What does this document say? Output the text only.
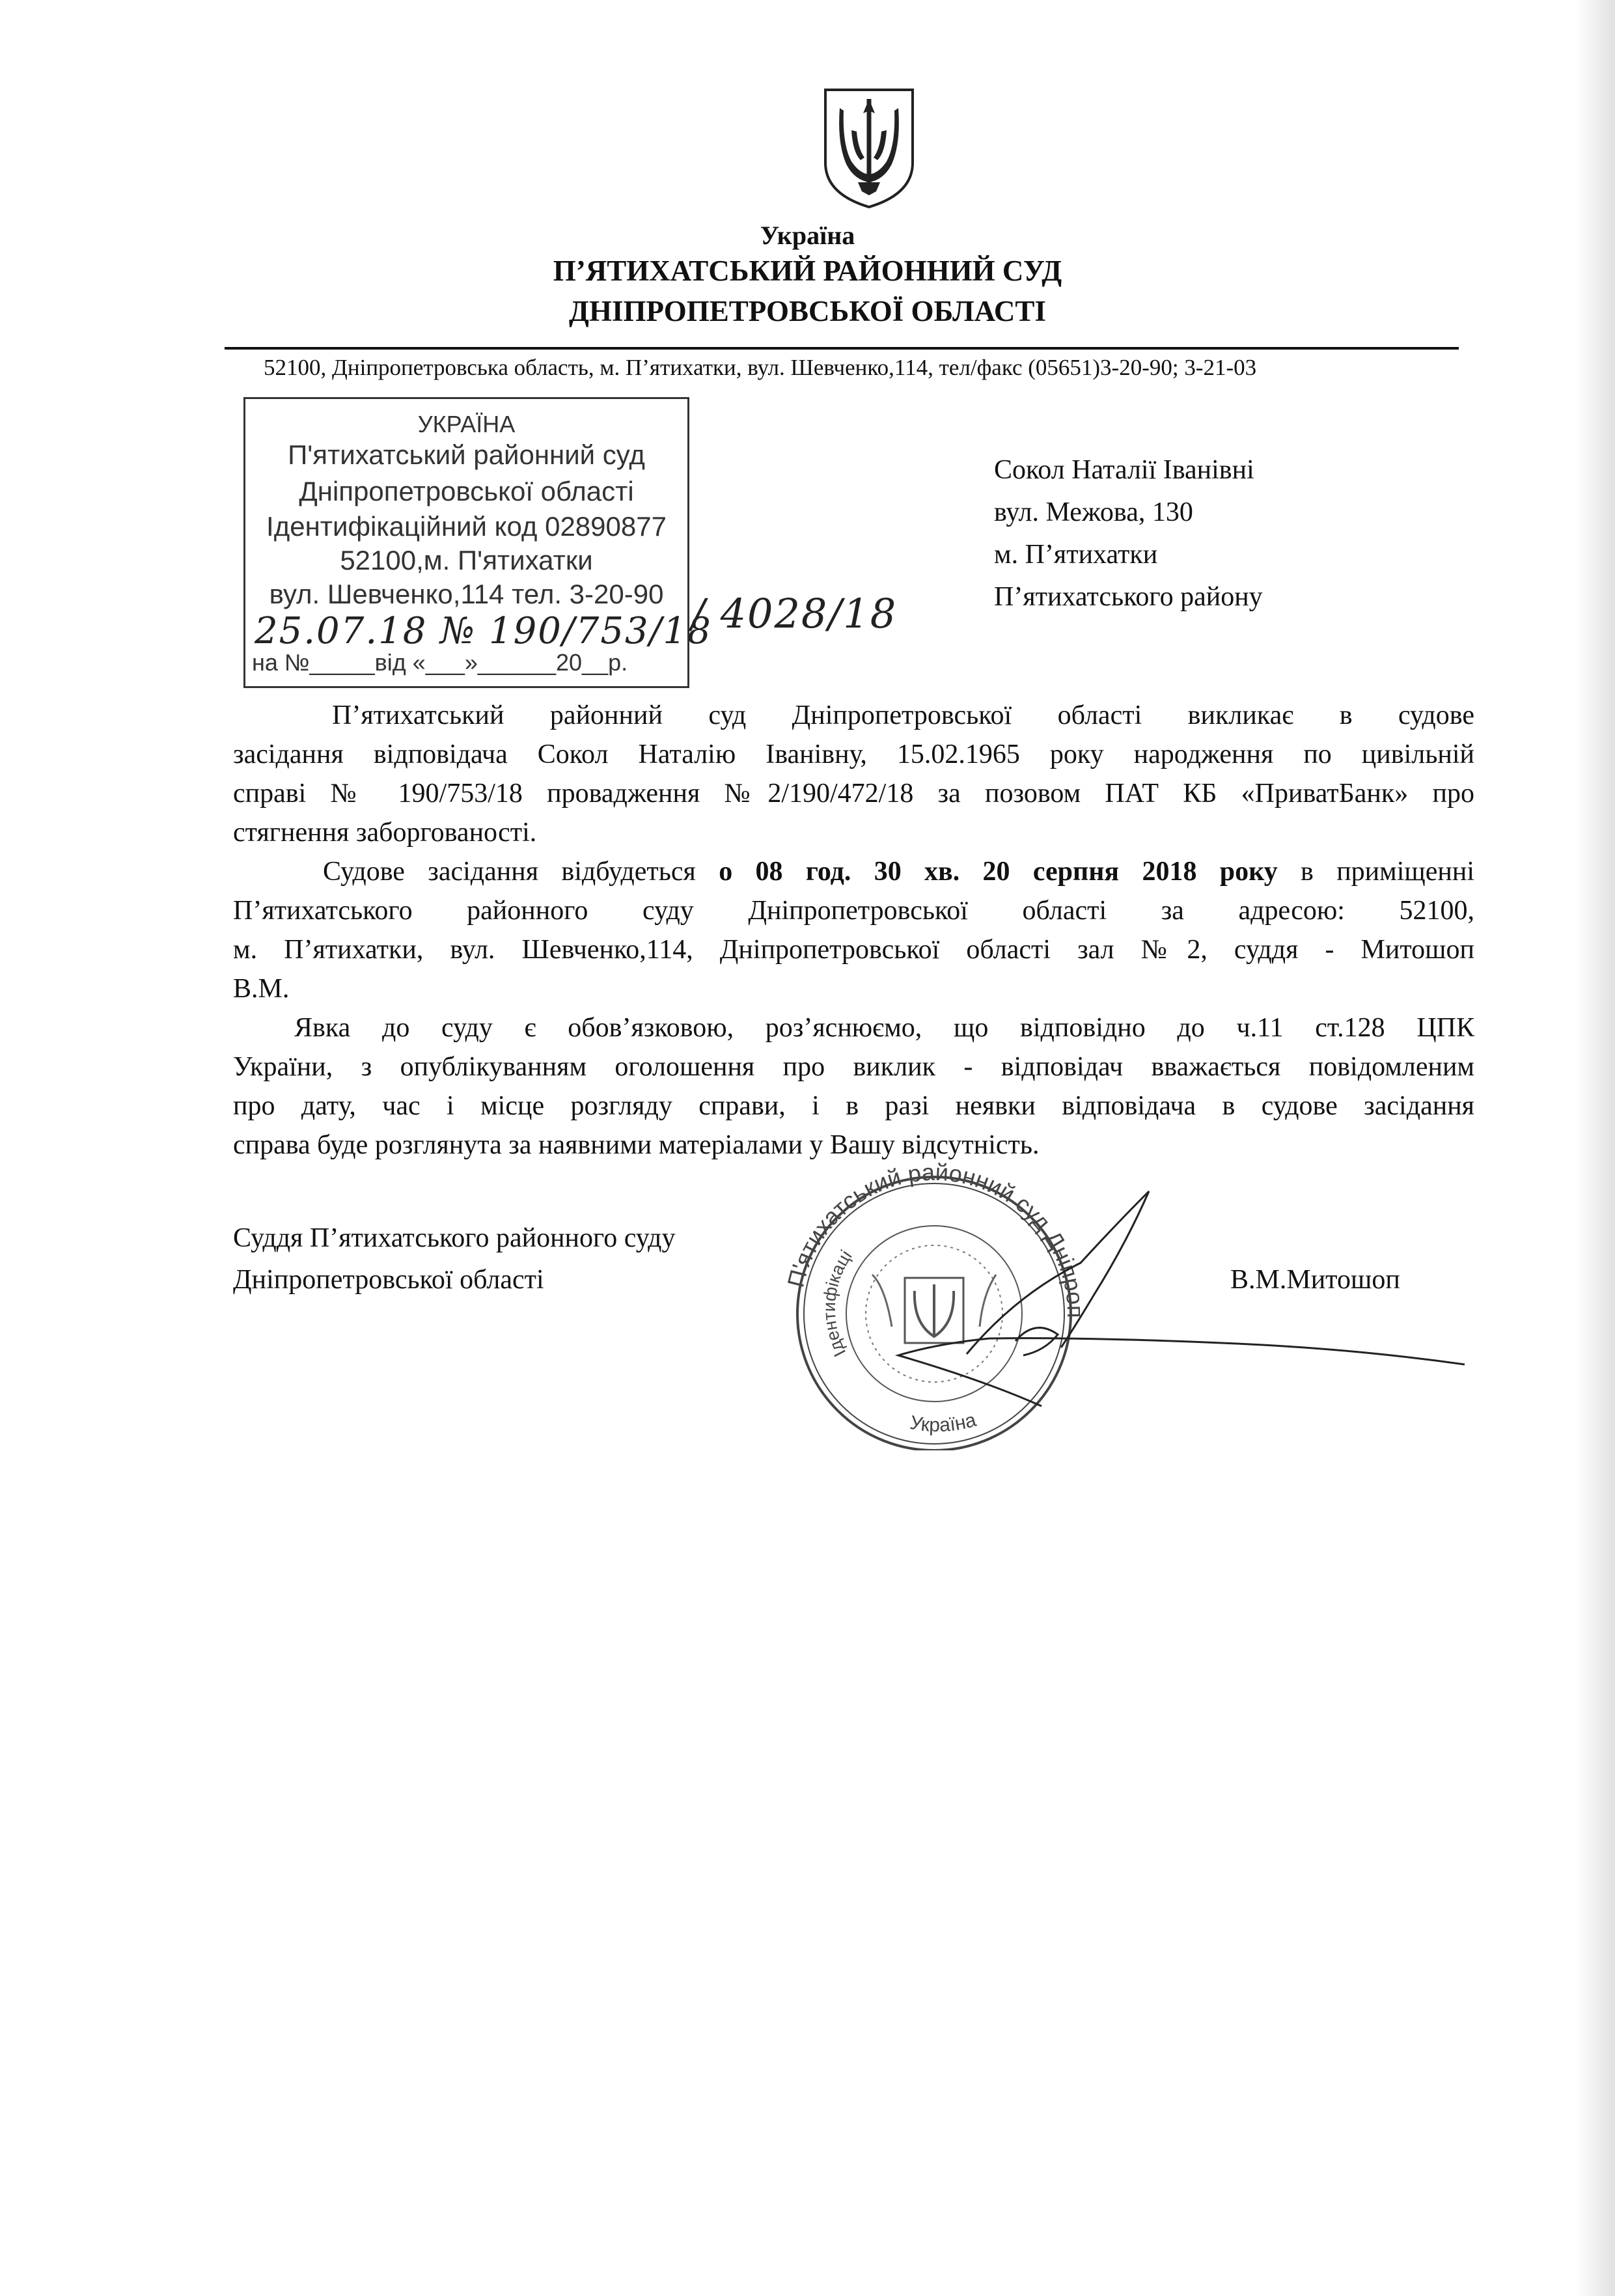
Україна
П’ЯТИХАТСЬКИЙ РАЙОННИЙ СУД
ДНІПРОПЕТРОВСЬКОЇ ОБЛАСТІ
52100, Дніпропетровська область, м. П’ятихатки, вул. Шевченко,114, тел/факс (05651)3-20-90; 3-21-03
УКРАЇНА
П'ятихатський районний суд
Дніпропетровської області
Ідентифікаційний код 02890877
52100,м. П'ятихатки
вул. Шевченко,114 тел. 3-20-90
25.07.18 № 190/753/18
на №_____від «___»______20__р.
/ 4028/18
Сокол Наталії Іванівні
вул. Межова, 130
м. П’ятихатки
П’ятихатського району
П’ятихатський районний суд Дніпропетровської області викликає в судове
засідання відповідача Сокол Наталію Іванівну, 15.02.1965 року народження по цивільній
справі № 190/753/18 провадження №2/190/472/18 за позовом ПАТ КБ «ПриватБанк» про
стягнення заборгованості.
Судове засідання відбудеться о 08 год. 30 хв. 20 серпня 2018 року в приміщенні
П’ятихатського районного суду Дніпропетровської області за адресою: 52100,
м. П’ятихатки, вул. Шевченко,114, Дніпропетровської області зал №2, суддя - Митошоп
В.М.
Явка до суду є обов’язковою, роз’яснюємо, що відповідно до ч.11 ст.128 ЦПК
України, з опублікуванням оголошення про виклик - відповідач вважається повідомленим
про дату, час і місце розгляду справи, і в разі неявки відповідача в судове засідання
справа буде розглянута за наявними матеріалами у Вашу відсутність.
П'ятихатський районний суд Дніпроп
Ідентифікаці
Україна
Суддя П’ятихатського районного суду
Дніпропетровської області	В.М.Митошоп
